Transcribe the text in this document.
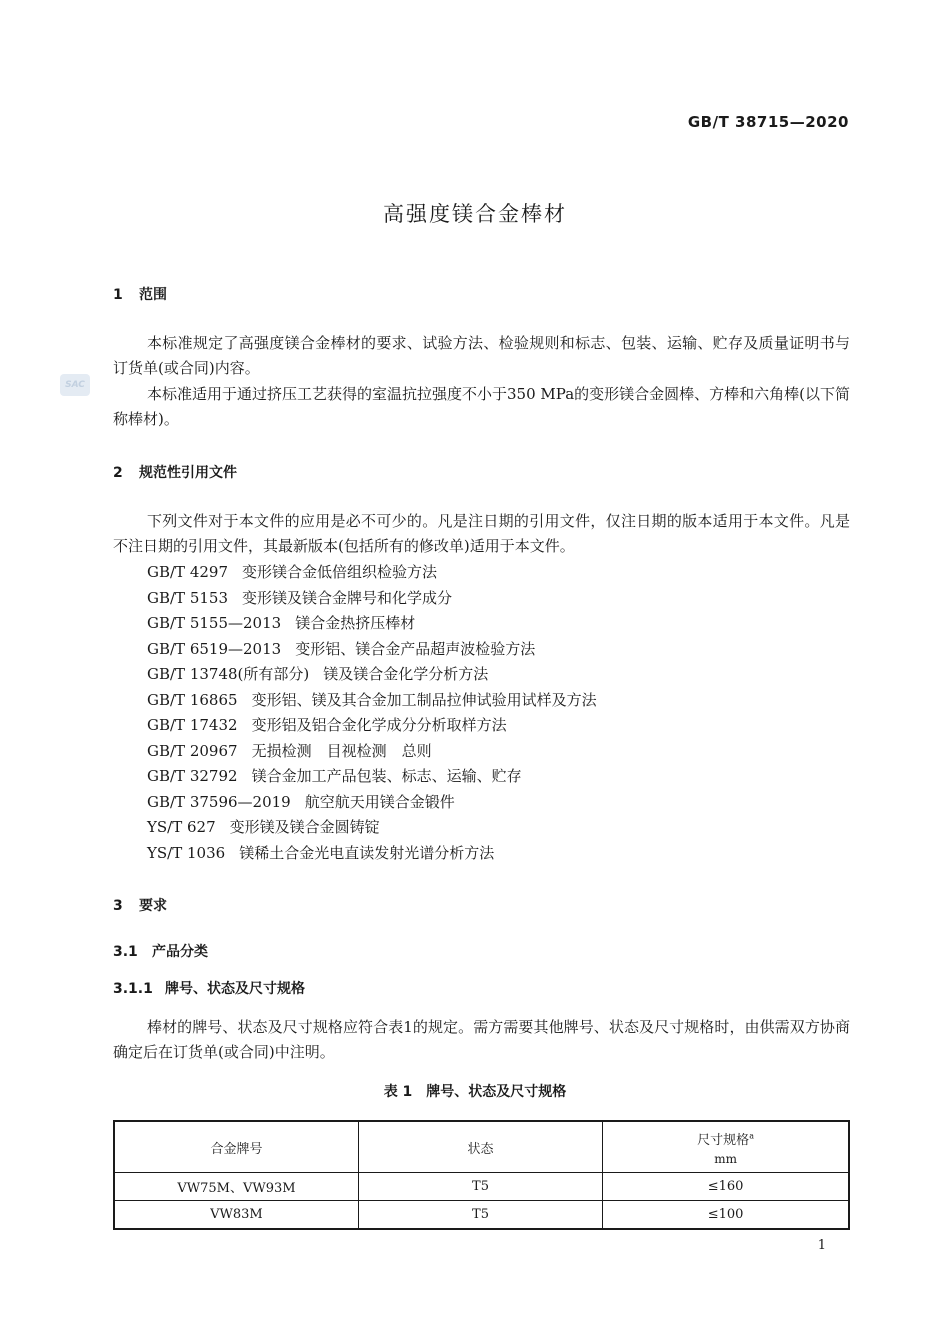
GB/T 38715—2020
高强度镁合金棒材
SAC
1 范围

本标准规定了高强度镁合金棒材的要求、试验方法、检验规则和标志、包装、运输、贮存及质量证明书与订货单(或合同)内容。

本标准适用于通过挤压工艺获得的室温抗拉强度不小于350 MPa的变形镁合金圆棒、方棒和六角棒(以下简称棒材)。

2 规范性引用文件

下列文件对于本文件的应用是必不可少的。凡是注日期的引用文件，仅注日期的版本适用于本文件。凡是不注日期的引用文件，其最新版本(包括所有的修改单)适用于本文件。

GB/T 4297 变形镁合金低倍组织检验方法
GB/T 5153 变形镁及镁合金牌号和化学成分
GB/T 5155—2013 镁合金热挤压棒材
GB/T 6519—2013 变形铝、镁合金产品超声波检验方法
GB/T 13748(所有部分) 镁及镁合金化学分析方法
GB/T 16865 变形铝、镁及其合金加工制品拉伸试验用试样及方法
GB/T 17432 变形铝及铝合金化学成分分析取样方法
GB/T 20967 无损检测　目视检测　总则
GB/T 32792 镁合金加工产品包装、标志、运输、贮存
GB/T 37596—2019 航空航天用镁合金锻件
YS/T 627 变形镁及镁合金圆铸锭
YS/T 1036 镁稀土合金光电直读发射光谱分析方法
3 要求
3.1 产品分类
3.1.1 牌号、状态及尺寸规格

棒材的牌号、状态及尺寸规格应符合表1的规定。需方需要其他牌号、状态及尺寸规格时，由供需双方协商确定后在订货单(或合同)中注明。

表 1　牌号、状态及尺寸规格
合金牌号	状态	尺寸规格$^a$
mm

VW75M、VW93M	T5	≤160
VW83M	T5	≤100
1
